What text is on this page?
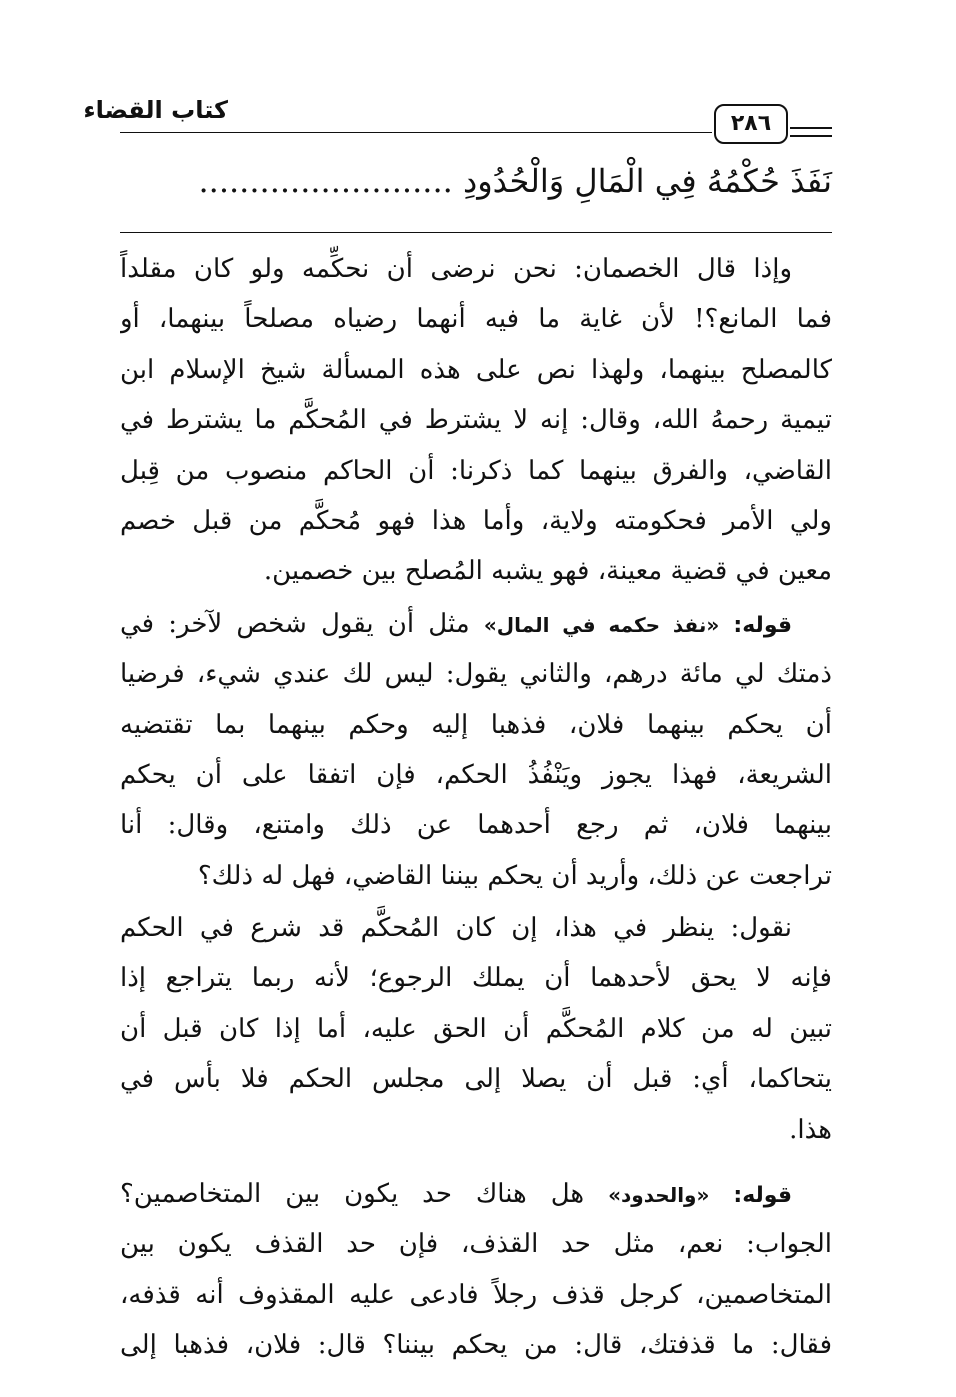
كتاب القضاء	٢٨٦
نَفَذَ حُكْمُهُ فِي الْمَالِ وَالْحُدُودِ .........................
وإذا قال الخصمان: نحن نرضى أن نحكِّمه ولو كان مقلداً
فما المانع؟! لأن غاية ما فيه أنهما رضياه مصلحاً بينهما، أو
كالمصلح بينهما، ولهذا نص على هذه المسألة شيخ الإسلام ابن
تيمية رحمهُ الله، وقال: إنه لا يشترط في المُحكَّم ما يشترط في
القاضي، والفرق بينهما كما ذكرنا: أن الحاكم منصوب من قِبل
ولي الأمر فحكومته ولاية، وأما هذا فهو مُحكَّم من قبل خصم
معين في قضية معينة، فهو يشبه المُصلح بين خصمين.
قوله: «نفذ حكمه في المال» مثل أن يقول شخص لآخر: في
ذمتك لي مائة درهم، والثاني يقول: ليس لك عندي شيء، فرضيا
أن يحكم بينهما فلان، فذهبا إليه وحكم بينهما بما تقتضيه
الشريعة، فهذا يجوز ويَنْفُذُ الحكم، فإن اتفقا على أن يحكم
بينهما فلان، ثم رجع أحدهما عن ذلك وامتنع، وقال: أنا
تراجعت عن ذلك، وأريد أن يحكم بيننا القاضي، فهل له ذلك؟
نقول: ينظر في هذا، إن كان المُحكَّم قد شرع في الحكم
فإنه لا يحق لأحدهما أن يملك الرجوع؛ لأنه ربما يتراجع إذا
تبين له من كلام المُحكَّم أن الحق عليه، أما إذا كان قبل أن
يتحاكما، أي: قبل أن يصلا إلى مجلس الحكم فلا بأس في
هذا.
قوله: «والحدود» هل هناك حد يكون بين المتخاصمين؟
الجواب: نعم، مثل حد القذف، فإن حد القذف يكون بين
المتخاصمين، كرجل قذف رجلاً فادعى عليه المقذوف أنه قذفه،
فقال: ما قذفتك، قال: من يحكم بيننا؟ قال: فلان، فذهبا إلى
